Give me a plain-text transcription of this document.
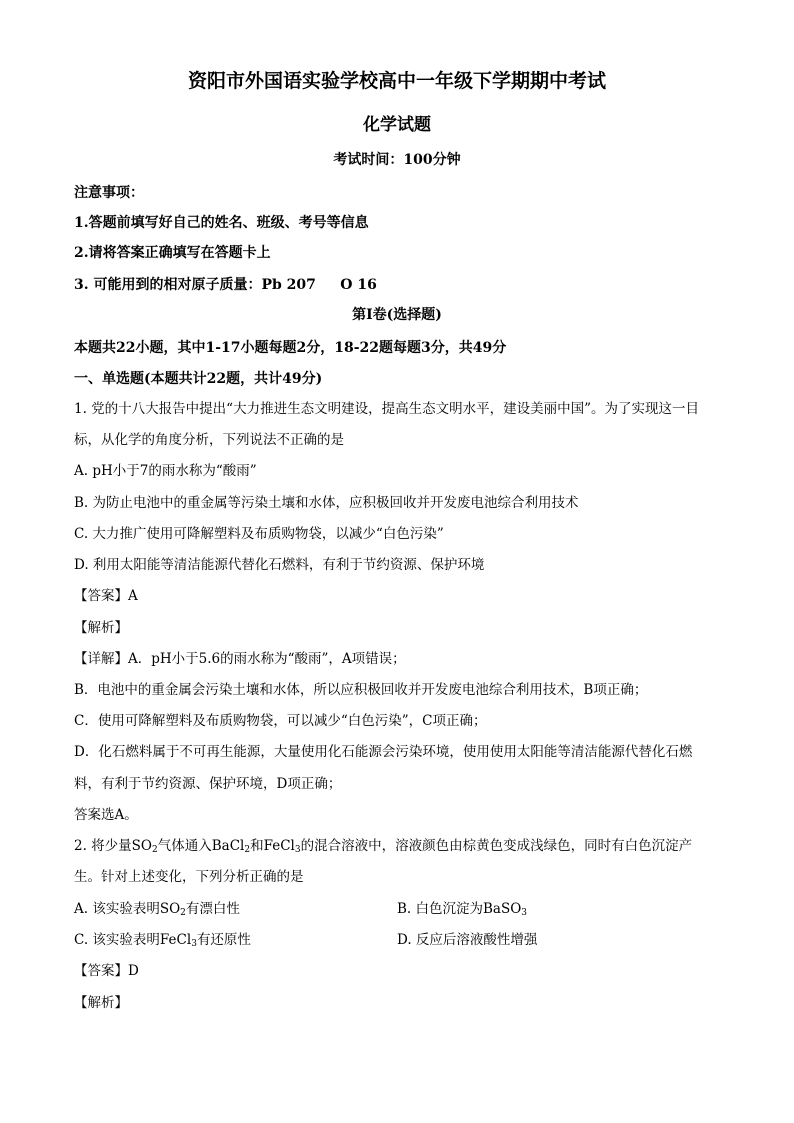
资阳市外国语实验学校高中一年级下学期期中考试
化学试题
考试时间：100分钟
注意事项：
1.答题前填写好自己的姓名、班级、考号等信息
2.请将答案正确填写在答题卡上
3. 可能用到的相对原子质量：Pb 207     O 16
第I卷(选择题)
本题共22小题，其中1-17小题每题2分，18-22题每题3分，共49分
一、单选题(本题共计22题，共计49分)
1. 党的十八大报告中提出“大力推进生态文明建设，提高生态文明水平，建设美丽中国”。为了实现这一目
标，从化学的角度分析，下列说法不正确的是
A. pH小于7的雨水称为“酸雨”
B. 为防止电池中的重金属等污染土壤和水体，应积极回收并开发废电池综合利用技术
C. 大力推广使用可降解塑料及布质购物袋，以减少“白色污染”
D. 利用太阳能等清洁能源代替化石燃料，有利于节约资源、保护环境
【答案】A
【解析】
【详解】A．pH小于5.6的雨水称为“酸雨”，A项错误；
B．电池中的重金属会污染土壤和水体，所以应积极回收并开发废电池综合利用技术，B项正确；
C．使用可降解塑料及布质购物袋，可以减少“白色污染”，C项正确；
D．化石燃料属于不可再生能源，大量使用化石能源会污染环境，使用使用太阳能等清洁能源代替化石燃
料，有利于节约资源、保护环境，D项正确；
答案选A。
2. 将少量$SO_2$气体通入BaCl$_2$和FeCl$_3$的混合溶液中，溶液颜色由棕黄色变成浅绿色，同时有白色沉淀产
生。针对上述变化，下列分析正确的是
A. 该实验表明$SO_2$有漂白性	B. 白色沉淀为BaSO$_3$
C. 该实验表明FeCl$_3$有还原性	D. 反应后溶液酸性增强
【答案】D
【解析】
